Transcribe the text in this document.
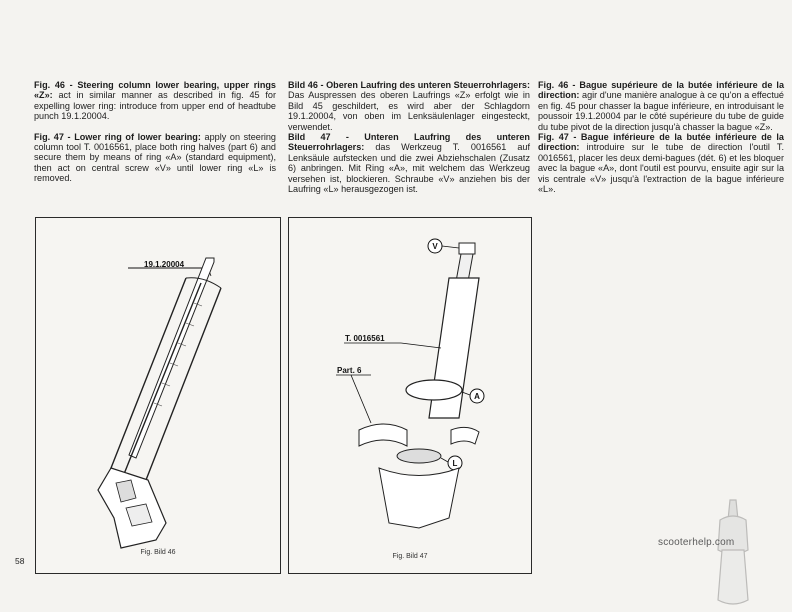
Fig. 46 - Steering column lower bearing, upper rings «Z»: act in similar manner as described in fig. 45 for expelling lower ring: introduce from upper end of headtube punch 19.1.20004.

Fig. 47 - Lower ring of lower bearing: apply on steering column tool T. 0016561, place both ring halves (part 6) and secure them by means of ring «A» (standard equipment), then act on central screw «V» until lower ring «L» is removed.

Bild 46 - Oberen Laufring des unteren Steuerrohrlagers: Das Auspressen des oberen Laufrings «Z» erfolgt wie in Bild 45 geschildert, es wird aber der Schlagdorn 19.1.20004, von oben im Lenksäulenlager eingesteckt, verwendet.

Bild 47 - Unteren Laufring des unteren Steuerrohrlagers: das Werkzeug T. 0016561 auf Lenksäule aufstecken und die zwei Abziehschalen (Zusatz 6) anbringen. Mit Ring «A», mit welchem das Werkzeug versehen ist, blockieren. Schraube «V» anziehen bis der Laufring «L» herausgezogen ist.

Fig. 46 - Bague supérieure de la butée inférieure de la direction: agir d'une manière analogue à ce qu'on a effectué en fig. 45 pour chasser la bague inférieure, en introduisant le poussoir 19.1.20004 par le côté supérieure du tube de guide du tube pivot de la direction jusqu'à chasser la bague «Z».

Fig. 47 - Bague inférieure de la butée inférieure de la direction: introduire sur le tube de direction l'outil T. 0016561, placer les deux demi-bagues (dét. 6) et les bloquer avec la bague «A», dont l'outil est pourvu, ensuite agir sur la vis centrale «V» jusqu'à l'extraction de la bague inférieure «L».

19.1.20004
Fig. Bild 46
V
T. 0016561
A
Part. 6
L
Fig. Bild 47
58
scooterhelp.com
